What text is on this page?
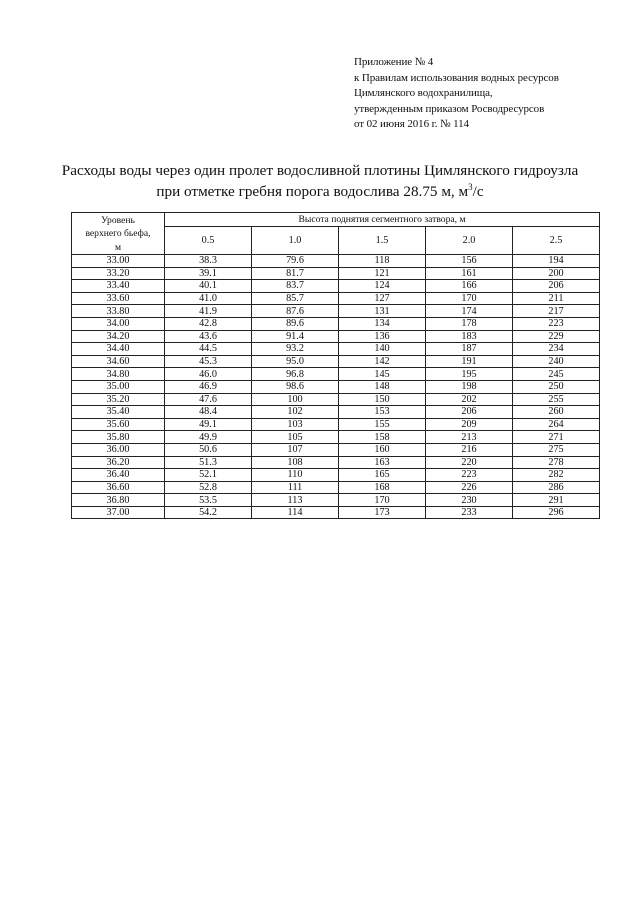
Приложение № 4
к Правилам использования водных ресурсов
Цимлянского водохранилища,
утвержденным приказом Росводресурсов
от 02 июня 2016 г. № 114
Расходы воды через один пролет водосливной плотины Цимлянского гидроузла
при отметке гребня порога водослива 28.75 м, $м^3/с$
Уровень
верхнего бьефа,
м	Высота поднятия сегментного затвора, м				
	0.5	1.0	1.5	2.0	2.5
33.00	38.3	79.6	118	156	194
33.20	39.1	81.7	121	161	200
33.40	40.1	83.7	124	166	206
33.60	41.0	85.7	127	170	211
33.80	41.9	87.6	131	174	217
34.00	42.8	89.6	134	178	223
34.20	43.6	91.4	136	183	229
34.40	44.5	93.2	140	187	234
34.60	45.3	95.0	142	191	240
34.80	46.0	96.8	145	195	245
35.00	46.9	98.6	148	198	250
35.20	47.6	100	150	202	255
35.40	48.4	102	153	206	260
35.60	49.1	103	155	209	264
35.80	49.9	105	158	213	271
36.00	50.6	107	160	216	275
36.20	51.3	108	163	220	278
36.40	52.1	110	165	223	282
36.60	52.8	111	168	226	286
36.80	53.5	113	170	230	291
37.00	54.2	114	173	233	296
